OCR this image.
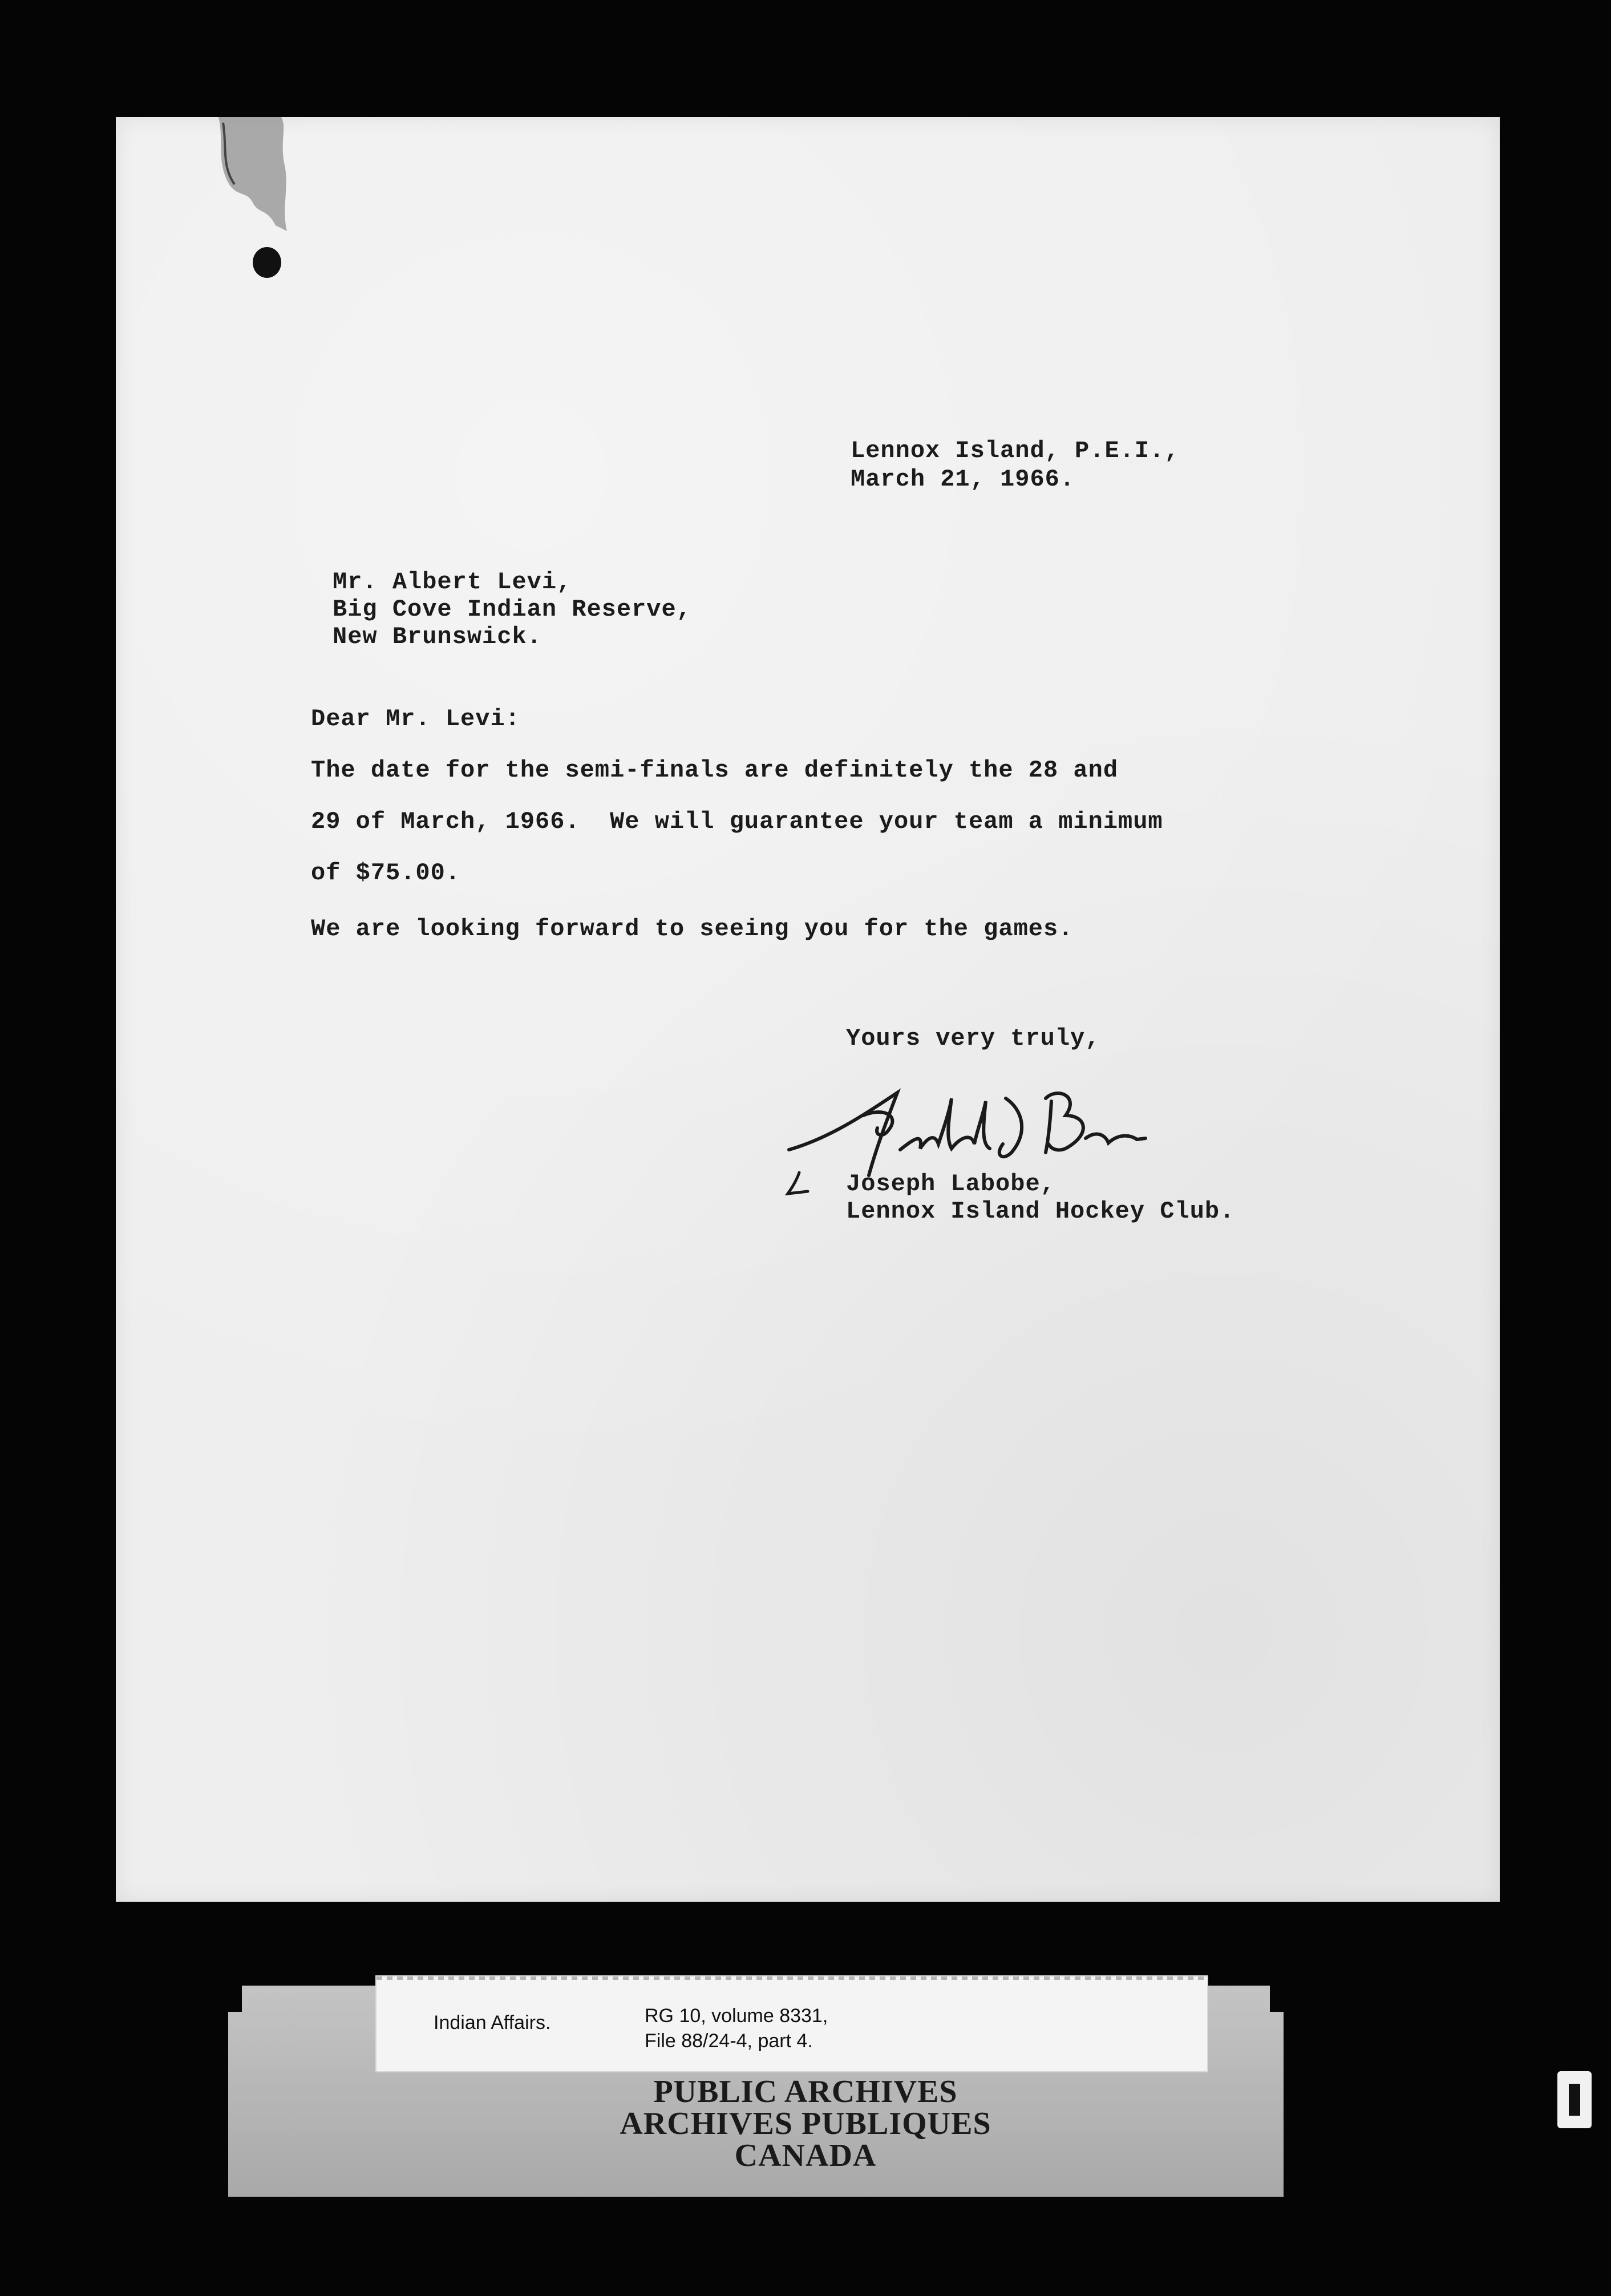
Lennox Island, P.E.I.,
March 21, 1966.
Mr. Albert Levi,
Big Cove Indian Reserve,
New Brunswick.
Dear Mr. Levi:
The date for the semi-finals are definitely the 28 and
29 of March, 1966.  We will guarantee your team a minimum
of $75.00.
We are looking forward to seeing you for the games.
Yours very truly,
Joseph Labobe,
Lennox Island Hockey Club.
Indian Affairs.	RG 10, volume 8331,
File 88/24-4, part 4.
PUBLIC ARCHIVES
ARCHIVES PUBLIQUES
CANADA
